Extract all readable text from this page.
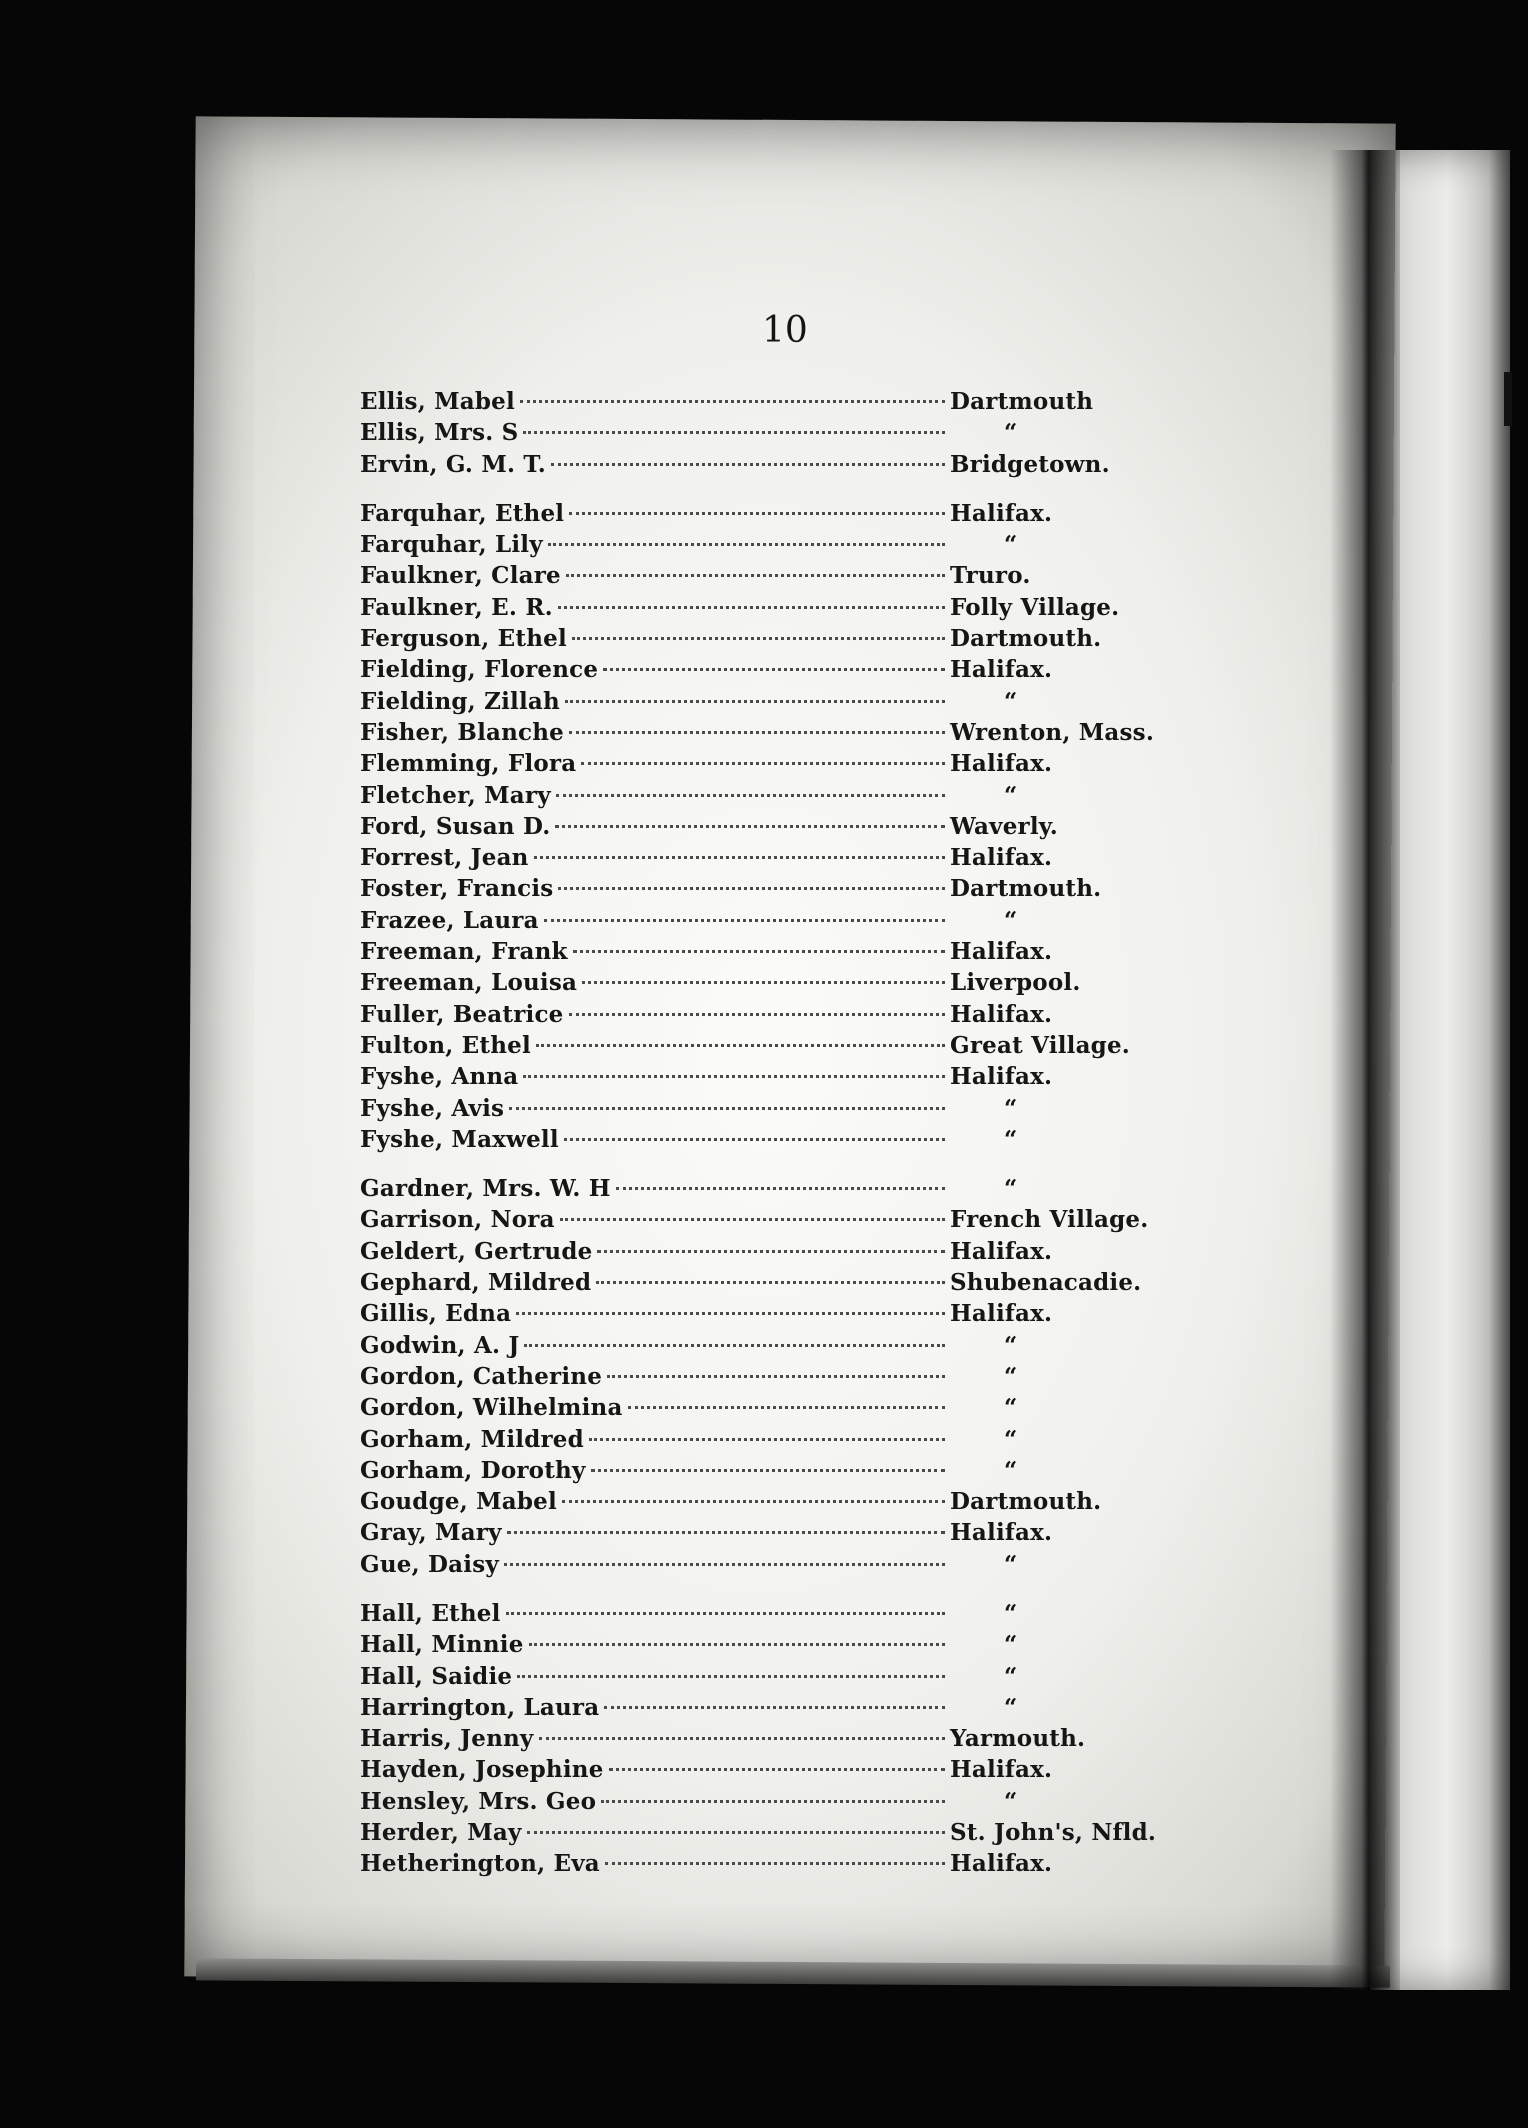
10
Ellis, Mabel	Dartmouth
Ellis, Mrs. S	“
Ervin, G. M. T.	Bridgetown.
Farquhar, Ethel	Halifax.
Farquhar, Lily	“
Faulkner, Clare	Truro.
Faulkner, E. R.	Folly Village.
Ferguson, Ethel	Dartmouth.
Fielding, Florence	Halifax.
Fielding, Zillah	“
Fisher, Blanche	Wrenton, Mass.
Flemming, Flora	Halifax.
Fletcher, Mary	“
Ford, Susan D.	Waverly.
Forrest, Jean	Halifax.
Foster, Francis	Dartmouth.
Frazee, Laura	“
Freeman, Frank	Halifax.
Freeman, Louisa	Liverpool.
Fuller, Beatrice	Halifax.
Fulton, Ethel	Great Village.
Fyshe, Anna	Halifax.
Fyshe, Avis	“
Fyshe, Maxwell	“
Gardner, Mrs. W. H	“
Garrison, Nora	French Village.
Geldert, Gertrude	Halifax.
Gephard, Mildred	Shubenacadie.
Gillis, Edna	Halifax.
Godwin, A. J	“
Gordon, Catherine	“
Gordon, Wilhelmina	“
Gorham, Mildred	“
Gorham, Dorothy	“
Goudge, Mabel	Dartmouth.
Gray, Mary	Halifax.
Gue, Daisy	“
Hall, Ethel	“
Hall, Minnie	“
Hall, Saidie	“
Harrington, Laura	“
Harris, Jenny	Yarmouth.
Hayden, Josephine	Halifax.
Hensley, Mrs. Geo	“
Herder, May	St. John's, Nfld.
Hetherington, Eva	Halifax.
